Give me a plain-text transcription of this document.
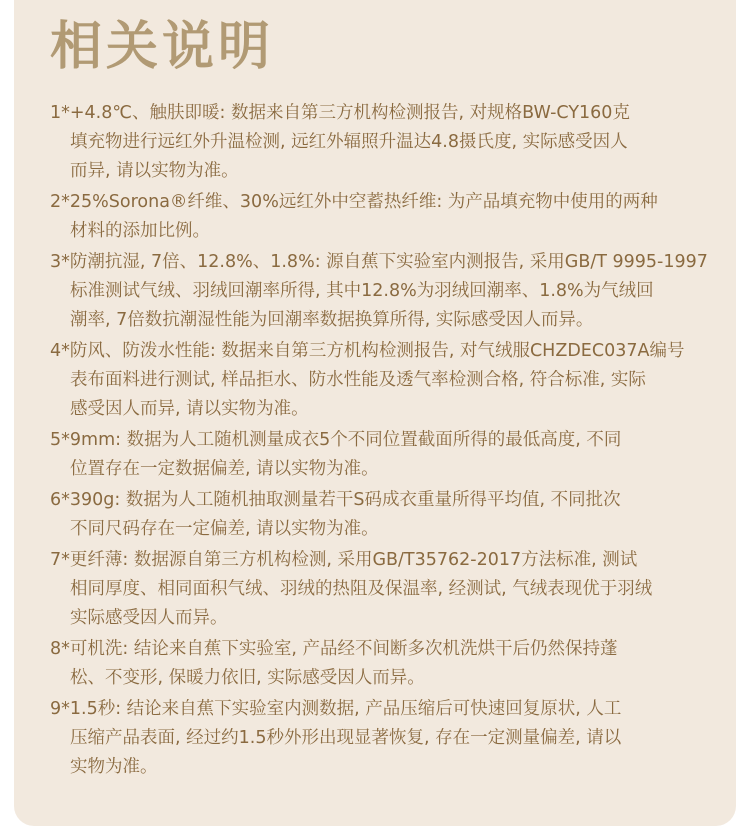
相关说明
1*+4.8℃、触肤即暖: 数据来自第三方机构检测报告, 对规格BW-CY160克
填充物进行远红外升温检测, 远红外辐照升温达4.8摄氏度, 实际感受因人
而异, 请以实物为准。
2*25%Sorona®纤维、30%远红外中空蓄热纤维: 为产品填充物中使用的两种
材料的添加比例。
3*防潮抗湿, 7倍、12.8%、1.8%: 源自蕉下实验室内测报告, 采用GB/T 9995-1997
标准测试气绒、羽绒回潮率所得, 其中12.8%为羽绒回潮率、1.8%为气绒回
潮率, 7倍数抗潮湿性能为回潮率数据换算所得, 实际感受因人而异。
4*防风、防泼水性能: 数据来自第三方机构检测报告, 对气绒服CHZDEC037A编号
表布面料进行测试, 样品拒水、防水性能及透气率检测合格, 符合标准, 实际
感受因人而异, 请以实物为准。
5*9mm: 数据为人工随机测量成衣5个不同位置截面所得的最低高度, 不同
位置存在一定数据偏差, 请以实物为准。
6*390g: 数据为人工随机抽取测量若干S码成衣重量所得平均值, 不同批次
不同尺码存在一定偏差, 请以实物为准。
7*更纤薄: 数据源自第三方机构检测, 采用GB/T35762-2017方法标准, 测试
相同厚度、相同面积气绒、羽绒的热阻及保温率, 经测试, 气绒表现优于羽绒
实际感受因人而异。
8*可机洗: 结论来自蕉下实验室, 产品经不间断多次机洗烘干后仍然保持蓬
松、不变形, 保暖力依旧, 实际感受因人而异。
9*1.5秒: 结论来自蕉下实验室内测数据, 产品压缩后可快速回复原状, 人工
压缩产品表面, 经过约1.5秒外形出现显著恢复, 存在一定测量偏差, 请以
实物为准。
